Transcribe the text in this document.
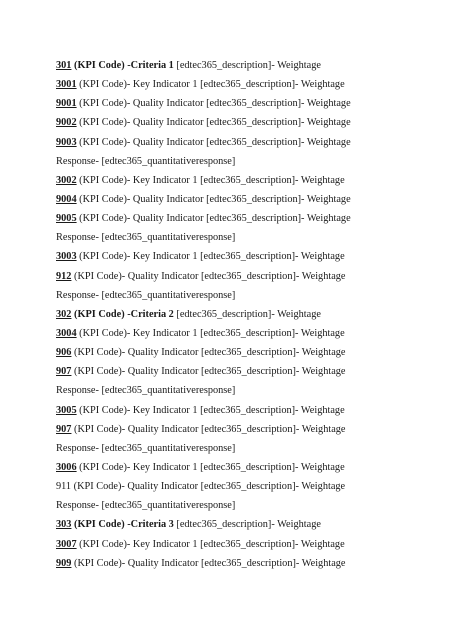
301 (KPI Code) -Criteria 1 [edtec365_description]- Weightage
3001 (KPI Code)- Key Indicator 1 [edtec365_description]- Weightage
9001 (KPI Code)- Quality Indicator [edtec365_description]- Weightage
9002 (KPI Code)- Quality Indicator [edtec365_description]- Weightage
9003 (KPI Code)- Quality Indicator [edtec365_description]- Weightage
Response- [edtec365_quantitativeresponse]
3002 (KPI Code)- Key Indicator 1 [edtec365_description]- Weightage
9004 (KPI Code)- Quality Indicator [edtec365_description]- Weightage
9005 (KPI Code)- Quality Indicator [edtec365_description]- Weightage
Response- [edtec365_quantitativeresponse]
3003 (KPI Code)- Key Indicator 1 [edtec365_description]- Weightage
912 (KPI Code)- Quality Indicator [edtec365_description]- Weightage
Response- [edtec365_quantitativeresponse]
302 (KPI Code) -Criteria 2 [edtec365_description]- Weightage
3004 (KPI Code)- Key Indicator 1 [edtec365_description]- Weightage
906 (KPI Code)- Quality Indicator [edtec365_description]- Weightage
907 (KPI Code)- Quality Indicator [edtec365_description]- Weightage
Response- [edtec365_quantitativeresponse]
3005 (KPI Code)- Key Indicator 1 [edtec365_description]- Weightage
907 (KPI Code)- Quality Indicator [edtec365_description]- Weightage
Response- [edtec365_quantitativeresponse]
3006 (KPI Code)- Key Indicator 1 [edtec365_description]- Weightage
911 (KPI Code)- Quality Indicator [edtec365_description]- Weightage
Response- [edtec365_quantitativeresponse]
303 (KPI Code) -Criteria 3 [edtec365_description]- Weightage
3007 (KPI Code)- Key Indicator 1 [edtec365_description]- Weightage
909 (KPI Code)- Quality Indicator [edtec365_description]- Weightage
